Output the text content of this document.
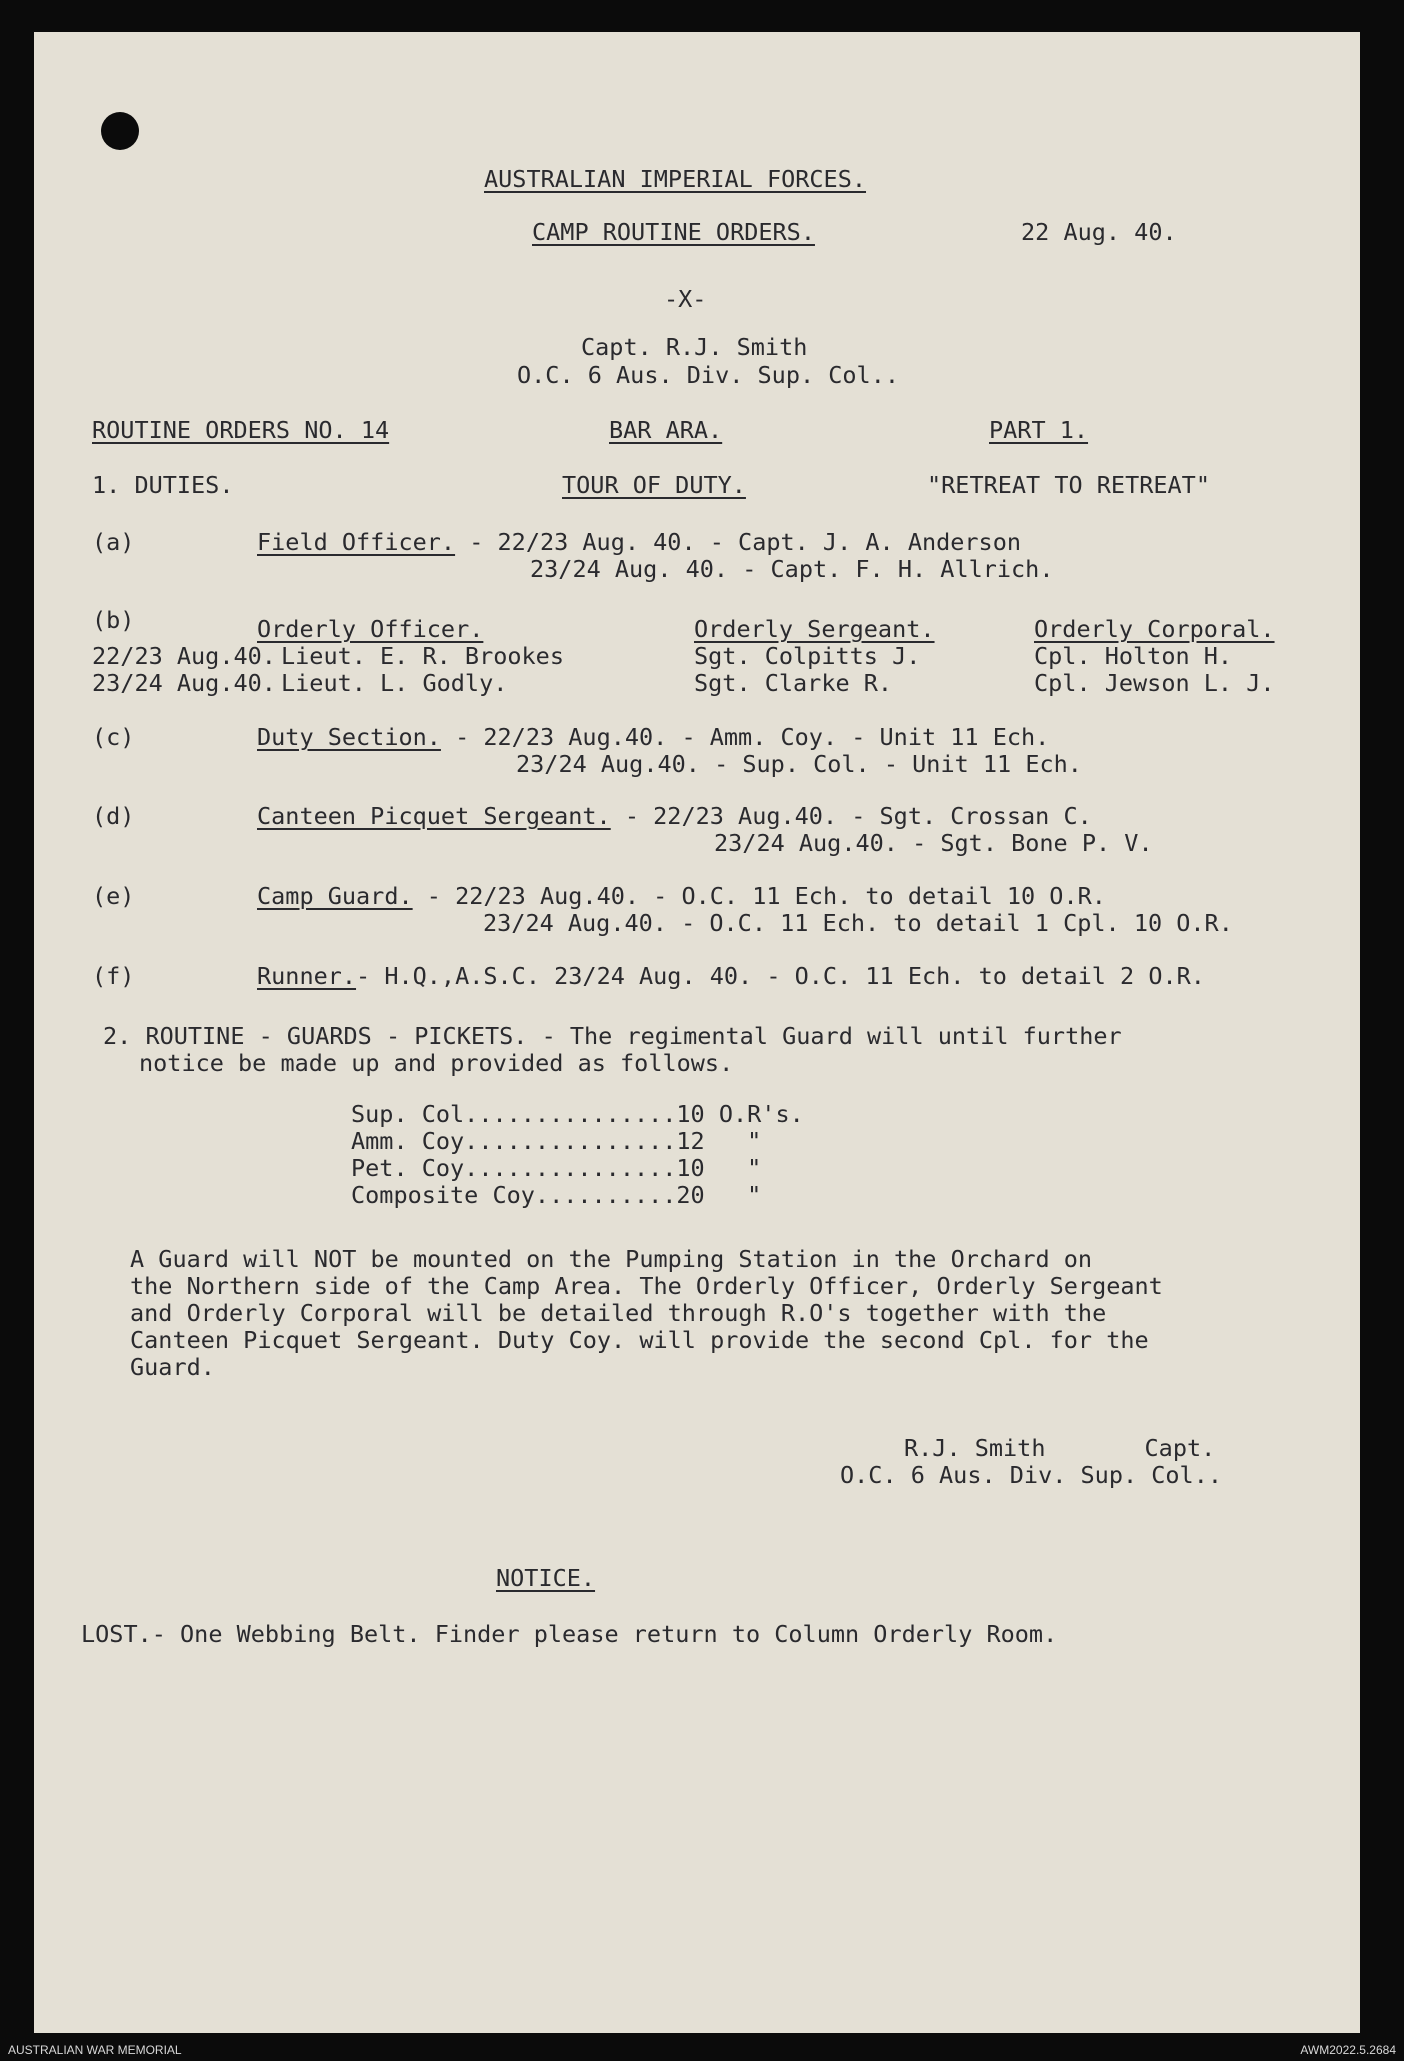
AUSTRALIAN IMPERIAL FORCES.
CAMP ROUTINE ORDERS.	22 Aug. 40.
-X-
Capt. R.J. Smith
O.C. 6 Aus. Div. Sup. Col..
ROUTINE ORDERS NO. 14	BAR ARA.	PART 1.
1. DUTIES.	TOUR OF DUTY.	"RETREAT TO RETREAT"
(a)	Field Officer. - 22/23 Aug. 40. - Capt. J. A. Anderson
23/24 Aug. 40. - Capt. F. H. Allrich.
(b)	Orderly Officer.	Orderly Sergeant.	Orderly Corporal.
22/23 Aug.40. Lieut. E. R. Brookes	Sgt. Colpitts J.	Cpl. Holton H.
23/24 Aug.40. Lieut. L. Godly.	Sgt. Clarke R.	Cpl. Jewson L. J.
(c)	Duty Section. - 22/23 Aug.40. - Amm. Coy. - Unit 11 Ech.
23/24 Aug.40. - Sup. Col. - Unit 11 Ech.
(d)	Canteen Picquet Sergeant. - 22/23 Aug.40. - Sgt. Crossan C.
23/24 Aug.40. - Sgt. Bone P. V.
(e)	Camp Guard. - 22/23 Aug.40. - O.C. 11 Ech. to detail 10 O.R.
23/24 Aug.40. - O.C. 11 Ech. to detail 1 Cpl. 10 O.R.
(f)	Runner.- H.Q.,A.S.C. 23/24 Aug. 40. - O.C. 11 Ech. to detail 2 O.R.
2. ROUTINE - GUARDS - PICKETS. - The regimental Guard will until further
notice be made up and provided as follows.
Sup. Col...............10 O.R's.
Amm. Coy...............12   "
Pet. Coy...............10   "
Composite Coy..........20   "
A Guard will NOT be mounted on the Pumping Station in the Orchard on
the Northern side of the Camp Area. The Orderly Officer, Orderly Sergeant
and Orderly Corporal will be detailed through R.O's together with the
Canteen Picquet Sergeant. Duty Coy. will provide the second Cpl. for the
Guard.
R.J. Smith       Capt.
O.C. 6 Aus. Div. Sup. Col..
NOTICE.
LOST.- One Webbing Belt. Finder please return to Column Orderly Room.
AUSTRALIAN WAR MEMORIAL	AWM2022.5.2684
